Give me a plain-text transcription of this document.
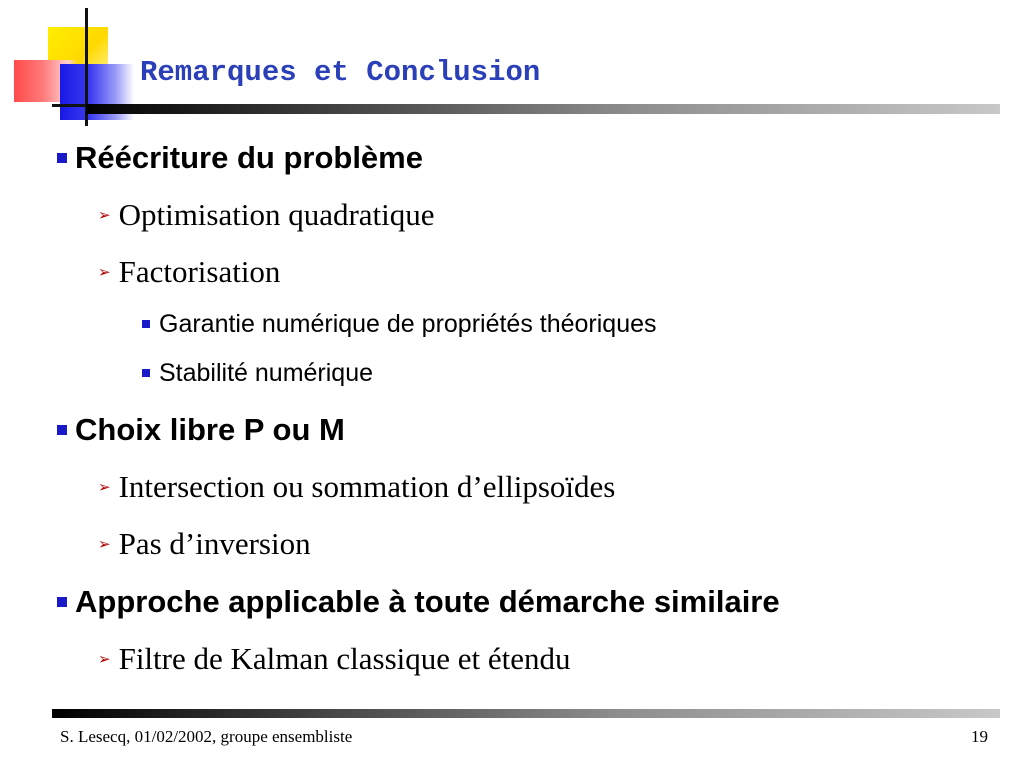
Remarques et Conclusion
Réécriture du problème
➢ Optimisation quadratique
➢ Factorisation
Garantie numérique de propriétés théoriques
Stabilité numérique
Choix libre P ou M
➢ Intersection ou sommation d’ellipsoïdes
➢ Pas d’inversion
Approche applicable à toute démarche similaire
➢ Filtre de Kalman classique et étendu
S. Lesecq, 01/02/2002, groupe ensembliste	19
